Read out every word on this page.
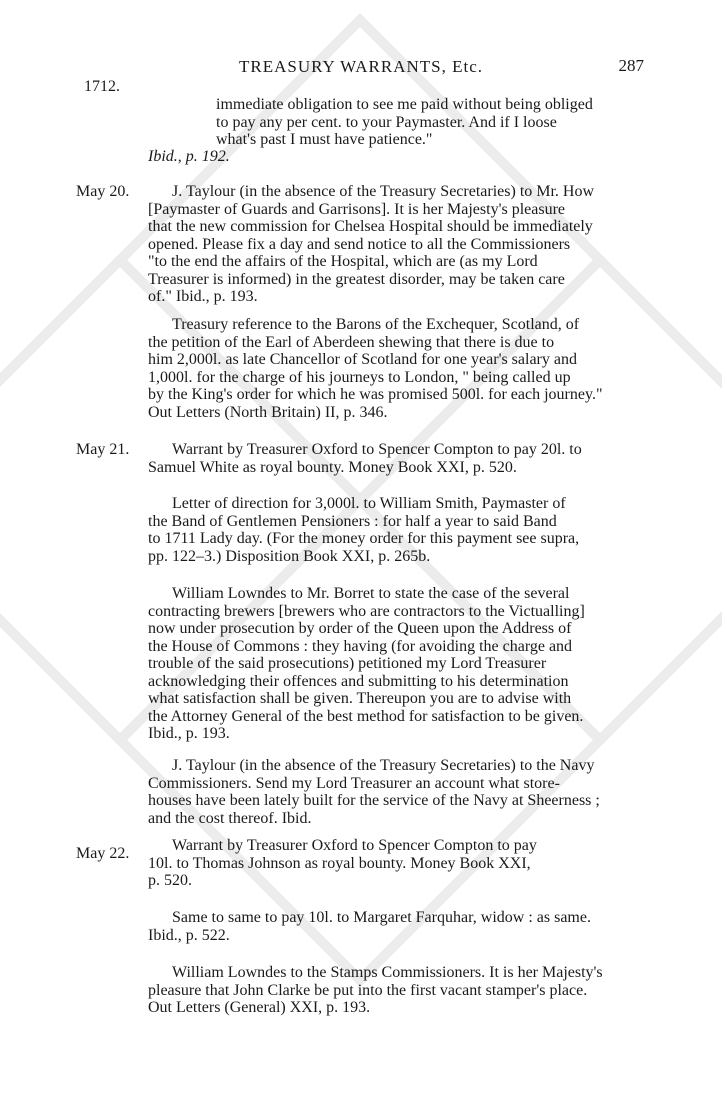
TREASURY WARRANTS, Etc.	287
1712.
immediate obligation to see me paid without being obliged
to pay any per cent. to your Paymaster. And if I loose
what's past I must have patience."
Ibid., p. 192.
May 20.	J. Taylour (in the absence of the Treasury Secretaries) to Mr. How
[Paymaster of Guards and Garrisons]. It is her Majesty's pleasure
that the new commission for Chelsea Hospital should be immediately
opened. Please fix a day and send notice to all the Commissioners
"to the end the affairs of the Hospital, which are (as my Lord
Treasurer is informed) in the greatest disorder, may be taken care
of." Ibid., p. 193.
Treasury reference to the Barons of the Exchequer, Scotland, of
the petition of the Earl of Aberdeen shewing that there is due to
him 2,000l. as late Chancellor of Scotland for one year's salary and
1,000l. for the charge of his journeys to London, " being called up
by the King's order for which he was promised 500l. for each journey."
Out Letters (North Britain) II, p. 346.
May 21.	Warrant by Treasurer Oxford to Spencer Compton to pay 20l. to
Samuel White as royal bounty. Money Book XXI, p. 520.
Letter of direction for 3,000l. to William Smith, Paymaster of
the Band of Gentlemen Pensioners : for half a year to said Band
to 1711 Lady day. (For the money order for this payment see supra,
pp. 122–3.) Disposition Book XXI, p. 265b.
William Lowndes to Mr. Borret to state the case of the several
contracting brewers [brewers who are contractors to the Victualling]
now under prosecution by order of the Queen upon the Address of
the House of Commons : they having (for avoiding the charge and
trouble of the said prosecutions) petitioned my Lord Treasurer
acknowledging their offences and submitting to his determination
what satisfaction shall be given. Thereupon you are to advise with
the Attorney General of the best method for satisfaction to be given.
Ibid., p. 193.
J. Taylour (in the absence of the Treasury Secretaries) to the Navy
Commissioners. Send my Lord Treasurer an account what store-
houses have been lately built for the service of the Navy at Sheerness ;
and the cost thereof. Ibid.
May 22.	Warrant by Treasurer Oxford to Spencer Compton to pay
10l. to Thomas Johnson as royal bounty. Money Book XXI,
p. 520.
Same to same to pay 10l. to Margaret Farquhar, widow : as same.
Ibid., p. 522.
William Lowndes to the Stamps Commissioners. It is her Majesty's
pleasure that John Clarke be put into the first vacant stamper's place.
Out Letters (General) XXI, p. 193.
